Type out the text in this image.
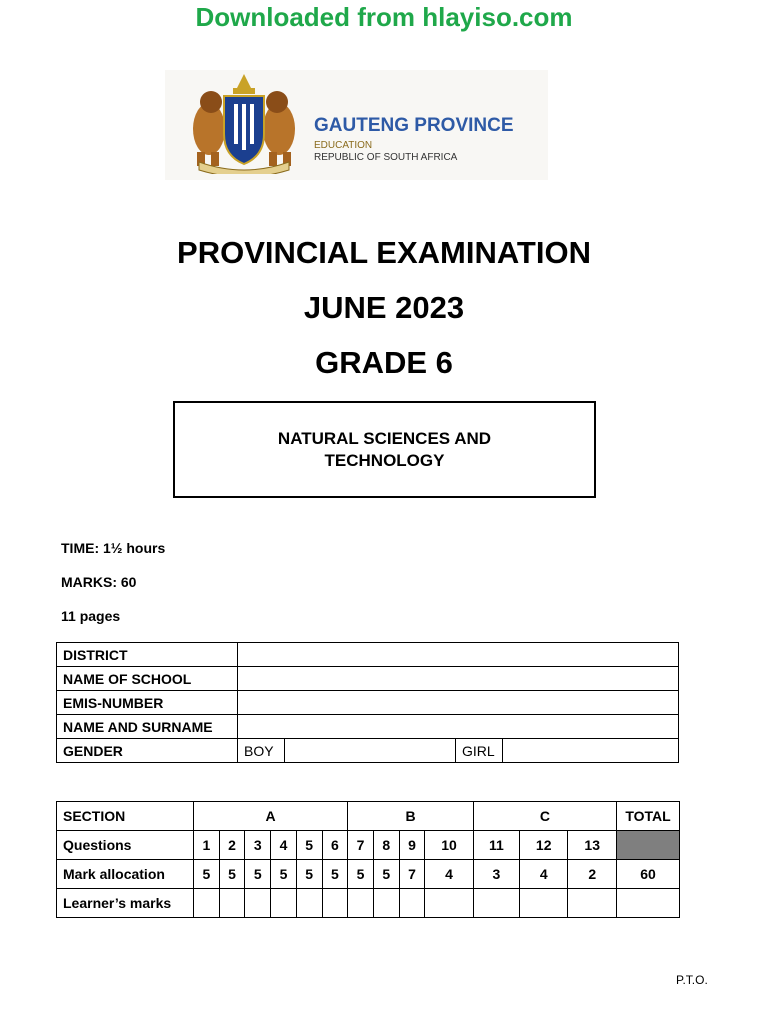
Downloaded from hlayiso.com
GAUTENG PROVINCE
EDUCATION
REPUBLIC OF SOUTH AFRICA
PROVINCIAL EXAMINATION
JUNE 2023
GRADE 6
NATURAL SCIENCES AND TECHNOLOGY
TIME: 1½ hours
MARKS: 60
11 pages
DISTRICT				
NAME OF SCHOOL				
EMIS-NUMBER				
NAME AND SURNAME				
GENDER	BOY		GIRL	
SECTION	A						B				C			TOTAL
Questions	1	2	3	4	5	6	7	8	9	10	11	12	13	
Mark allocation	5	5	5	5	5	5	5	5	7	4	3	4	2	60
Learner’s marks														
P.T.O.
